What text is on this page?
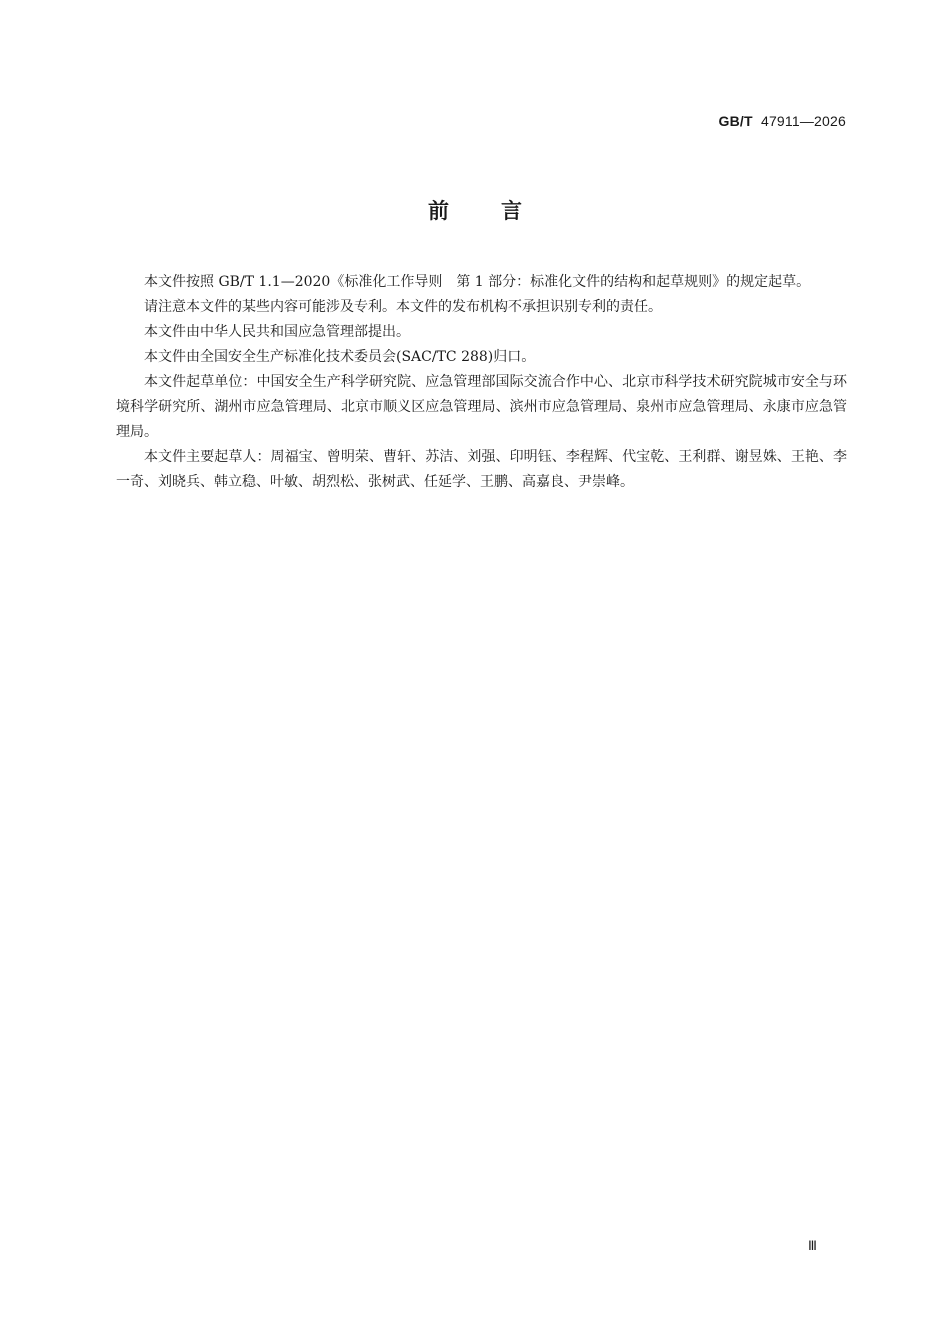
GB/T 47911—2026
前言

本文件按照 GB/T 1.1—2020《标准化工作导则　第 1 部分：标准化文件的结构和起草规则》的规定起草。

请注意本文件的某些内容可能涉及专利。本文件的发布机构不承担识别专利的责任。

本文件由中华人民共和国应急管理部提出。

本文件由全国安全生产标准化技术委员会(SAC/TC 288)归口。

本文件起草单位：中国安全生产科学研究院、应急管理部国际交流合作中心、北京市科学技术研究院城市安全与环境科学研究所、湖州市应急管理局、北京市顺义区应急管理局、滨州市应急管理局、泉州市应急管理局、永康市应急管理局。

本文件主要起草人：周福宝、曾明荣、曹轩、苏洁、刘强、印明钰、李程辉、代宝乾、王利群、谢昱姝、王艳、李一奇、刘晓兵、韩立稳、叶敏、胡烈松、张树武、任延学、王鹏、高嘉良、尹崇峰。

Ⅲ
